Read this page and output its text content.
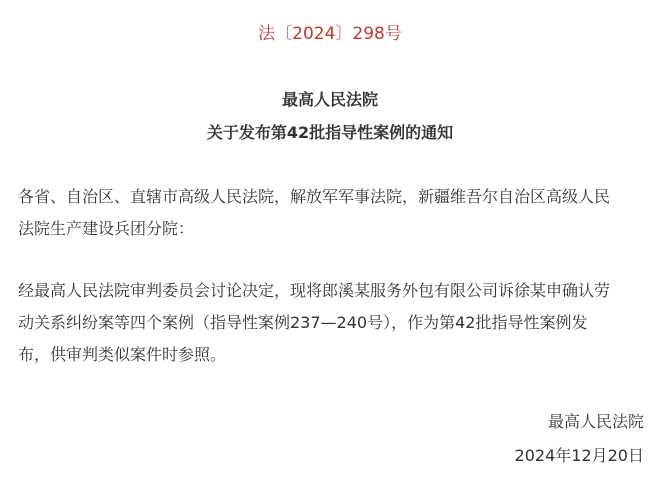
法〔2024〕298号
最高人民法院
关于发布第42批指导性案例的通知

各省、自治区、直辖市高级人民法院，解放军军事法院，新疆维吾尔自治区高级人民

法院生产建设兵团分院：

经最高人民法院审判委员会讨论决定，现将郎溪某服务外包有限公司诉徐某申确认劳

动关系纠纷案等四个案例（指导性案例237—240号），作为第42批指导性案例发

布，供审判类似案件时参照。

最高人民法院
2024年12月20日
